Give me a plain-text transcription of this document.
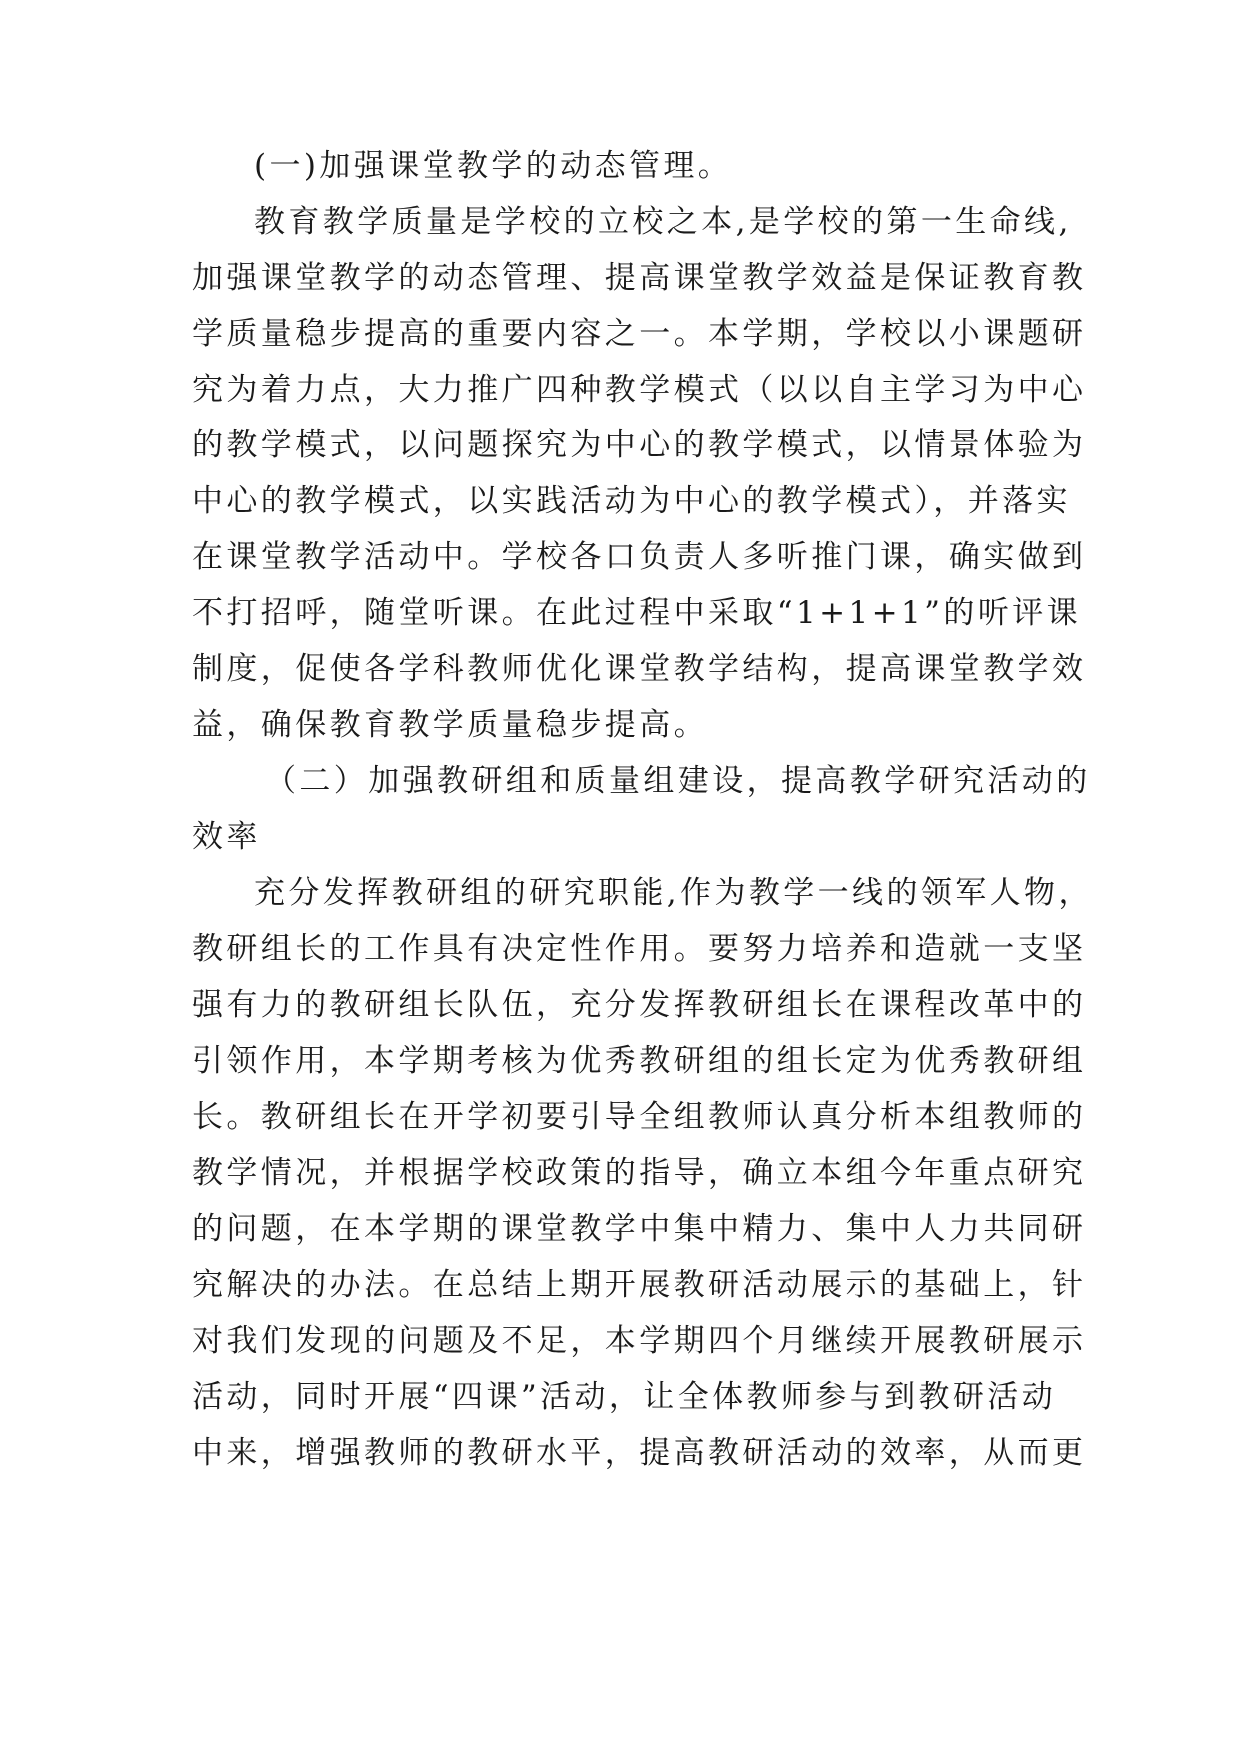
(一)加强课堂教学的动态管理。
教育教学质量是学校的立校之本,是学校的第一生命线,
加强课堂教学的动态管理、提高课堂教学效益是保证教育教
学质量稳步提高的重要内容之一。本学期，学校以小课题研
究为着力点，大力推广四种教学模式（以以自主学习为中心
的教学模式，以问题探究为中心的教学模式，以情景体验为
中心的教学模式，以实践活动为中心的教学模式），并落实
在课堂教学活动中。学校各口负责人多听推门课，确实做到
不打招呼，随堂听课。在此过程中采取“1+1+1”的听评课
制度，促使各学科教师优化课堂教学结构，提高课堂教学效
益，确保教育教学质量稳步提高。
（二）加强教研组和质量组建设，提高教学研究活动的
效率
充分发挥教研组的研究职能,作为教学一线的领军人物，
教研组长的工作具有决定性作用。要努力培养和造就一支坚
强有力的教研组长队伍，充分发挥教研组长在课程改革中的
引领作用，本学期考核为优秀教研组的组长定为优秀教研组
长。教研组长在开学初要引导全组教师认真分析本组教师的
教学情况，并根据学校政策的指导，确立本组今年重点研究
的问题，在本学期的课堂教学中集中精力、集中人力共同研
究解决的办法。在总结上期开展教研活动展示的基础上，针
对我们发现的问题及不足，本学期四个月继续开展教研展示
活动，同时开展“四课”活动，让全体教师参与到教研活动
中来，增强教师的教研水平，提高教研活动的效率，从而更
